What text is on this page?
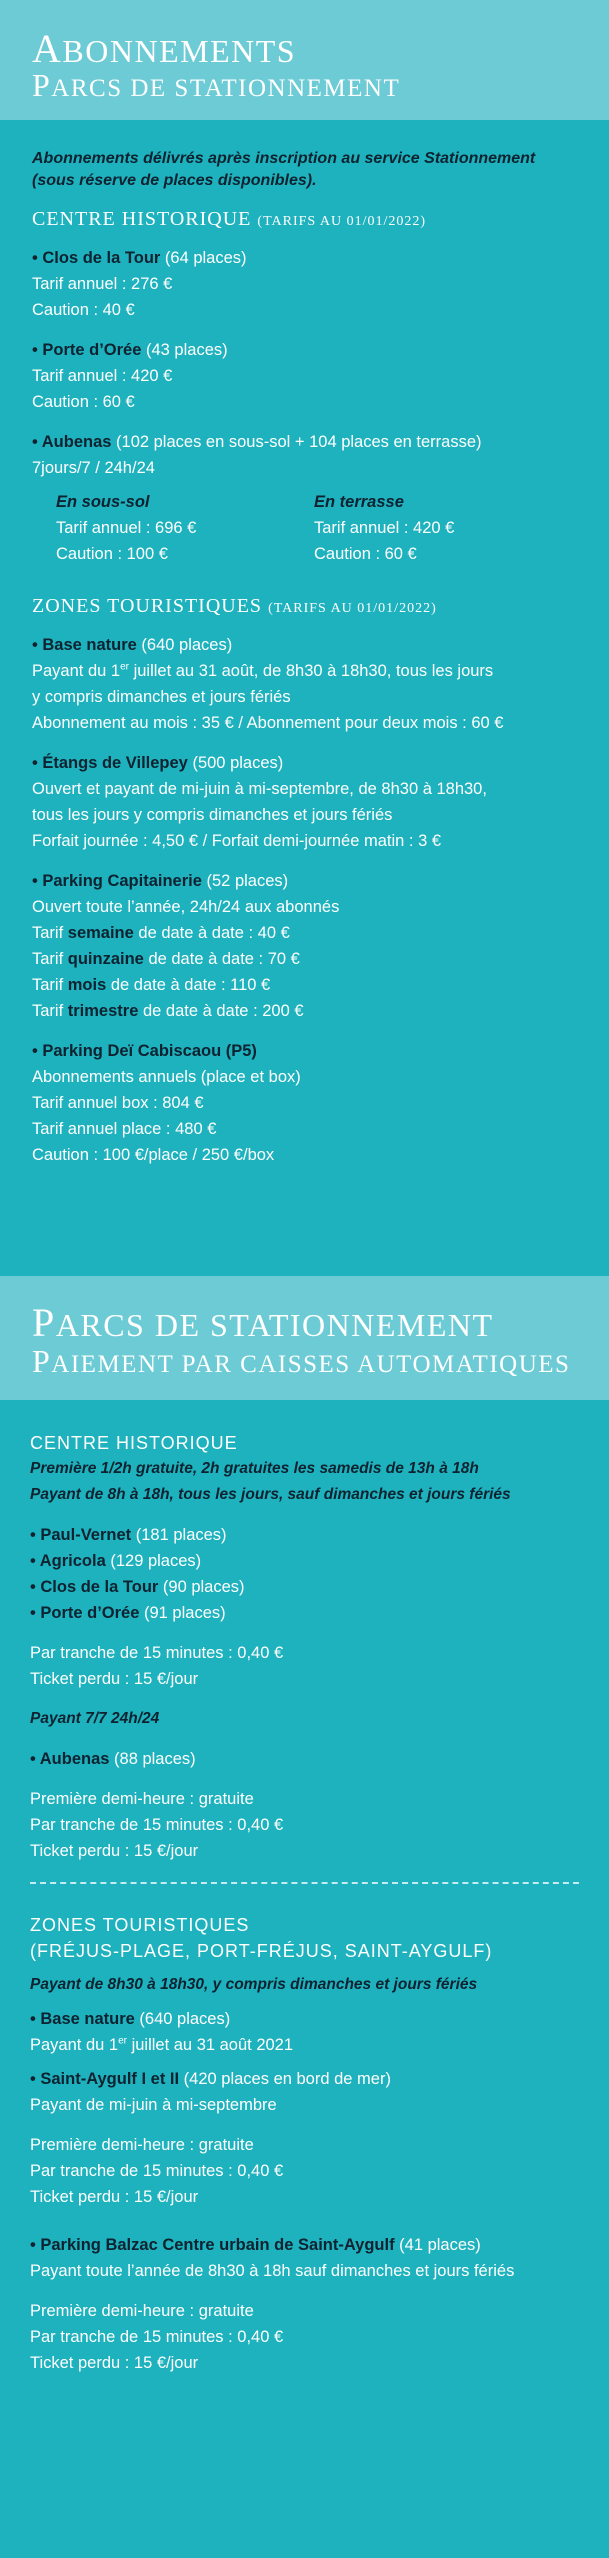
ABONNEMENTS
PARCS DE STATIONNEMENT
Abonnements délivrés après inscription au service Stationnement
(sous réserve de places disponibles).
CENTRE HISTORIQUE (TARIFS AU 01/01/2022)
• Clos de la Tour (64 places)
Tarif annuel : 276 €
Caution : 40 €
• Porte d’Orée (43 places)
Tarif annuel : 420 €
Caution : 60 €
• Aubenas (102 places en sous-sol + 104 places en terrasse)
7jours/7 / 24h/24
En sous-sol
Tarif annuel : 696 €
Caution : 100 €
En terrasse
Tarif annuel : 420 €
Caution : 60 €
ZONES TOURISTIQUES (TARIFS AU 01/01/2022)
• Base nature (640 places)
Payant du 1er juillet au 31 août, de 8h30 à 18h30, tous les jours
y compris dimanches et jours fériés
Abonnement au mois : 35 € / Abonnement pour deux mois : 60 €
• Étangs de Villepey (500 places)
Ouvert et payant de mi-juin à mi-septembre, de 8h30 à 18h30,
tous les jours y compris dimanches et jours fériés
Forfait journée : 4,50 € / Forfait demi-journée matin : 3 €
• Parking Capitainerie (52 places)
Ouvert toute l’année, 24h/24 aux abonnés
Tarif semaine de date à date : 40 €
Tarif quinzaine de date à date : 70 €
Tarif mois de date à date : 110 €
Tarif trimestre de date à date : 200 €
• Parking Deï Cabiscaou (P5)
Abonnements annuels (place et box)
Tarif annuel box : 804 €
Tarif annuel place : 480 €
Caution : 100 €/place / 250 €/box
PARCS DE STATIONNEMENT
PAIEMENT PAR CAISSES AUTOMATIQUES
CENTRE HISTORIQUE
Première 1/2h gratuite, 2h gratuites les samedis de 13h à 18h
Payant de 8h à 18h, tous les jours, sauf dimanches et jours fériés
• Paul-Vernet (181 places)
• Agricola (129 places)
• Clos de la Tour (90 places)
• Porte d’Orée (91 places)
Par tranche de 15 minutes : 0,40 €
Ticket perdu : 15 €/jour
Payant 7/7 24h/24
• Aubenas (88 places)
Première demi-heure : gratuite
Par tranche de 15 minutes : 0,40 €
Ticket perdu : 15 €/jour
ZONES TOURISTIQUES
(FRÉJUS-PLAGE, PORT-FRÉJUS, SAINT-AYGULF)
Payant de 8h30 à 18h30, y compris dimanches et jours fériés
• Base nature (640 places)
Payant du 1er juillet au 31 août 2021
• Saint-Aygulf I et II (420 places en bord de mer)
Payant de mi-juin à mi-septembre
Première demi-heure : gratuite
Par tranche de 15 minutes : 0,40 €
Ticket perdu : 15 €/jour
• Parking Balzac Centre urbain de Saint-Aygulf (41 places)
Payant toute l’année de 8h30 à 18h sauf dimanches et jours fériés
Première demi-heure : gratuite
Par tranche de 15 minutes : 0,40 €
Ticket perdu : 15 €/jour
